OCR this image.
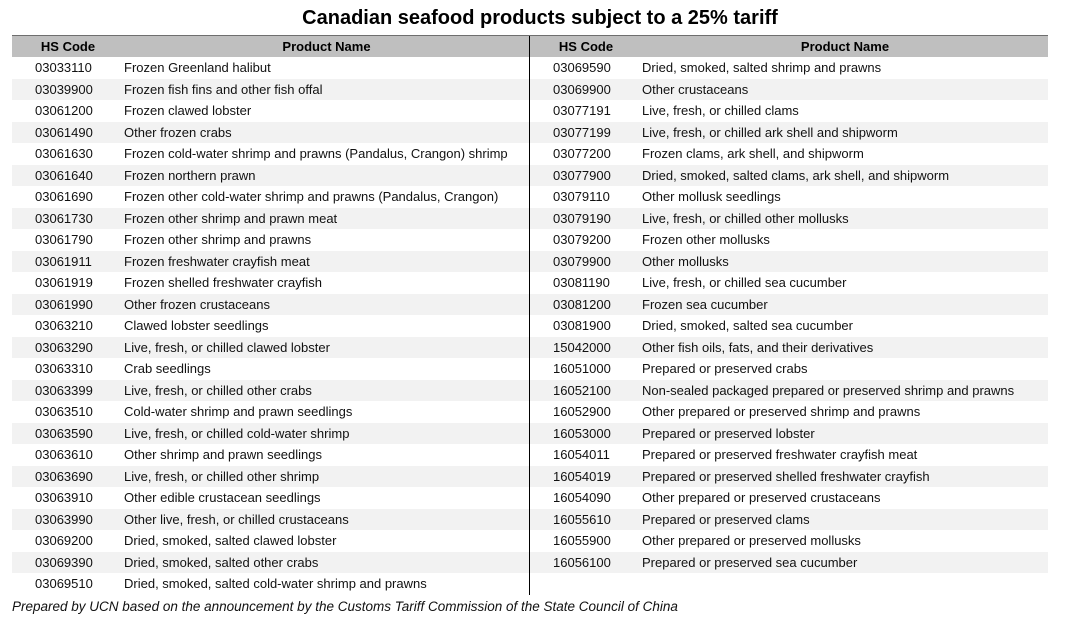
Canadian seafood products subject to a 25% tariff
HS Code	Product Name
03033110	Frozen Greenland halibut
03039900	Frozen fish fins and other fish offal
03061200	Frozen clawed lobster
03061490	Other frozen crabs
03061630	Frozen cold-water shrimp and prawns (Pandalus, Crangon) shrimp
03061640	Frozen northern prawn
03061690	Frozen other cold-water shrimp and prawns (Pandalus, Crangon)
03061730	Frozen other shrimp and prawn meat
03061790	Frozen other shrimp and prawns
03061911	Frozen freshwater crayfish meat
03061919	Frozen shelled freshwater crayfish
03061990	Other frozen crustaceans
03063210	Clawed lobster seedlings
03063290	Live, fresh, or chilled clawed lobster
03063310	Crab seedlings
03063399	Live, fresh, or chilled other crabs
03063510	Cold-water shrimp and prawn seedlings
03063590	Live, fresh, or chilled cold-water shrimp
03063610	Other shrimp and prawn seedlings
03063690	Live, fresh, or chilled other shrimp
03063910	Other edible crustacean seedlings
03063990	Other live, fresh, or chilled crustaceans
03069200	Dried, smoked, salted clawed lobster
03069390	Dried, smoked, salted other crabs
03069510	Dried, smoked, salted cold-water shrimp and prawns
HS Code	Product Name
03069590	Dried, smoked, salted shrimp and prawns
03069900	Other crustaceans
03077191	Live, fresh, or chilled clams
03077199	Live, fresh, or chilled ark shell and shipworm
03077200	Frozen clams, ark shell, and shipworm
03077900	Dried, smoked, salted clams, ark shell, and shipworm
03079110	Other mollusk seedlings
03079190	Live, fresh, or chilled other mollusks
03079200	Frozen other mollusks
03079900	Other mollusks
03081190	Live, fresh, or chilled sea cucumber
03081200	Frozen sea cucumber
03081900	Dried, smoked, salted sea cucumber
15042000	Other fish oils, fats, and their derivatives
16051000	Prepared or preserved crabs
16052100	Non-sealed packaged prepared or preserved shrimp and prawns
16052900	Other prepared or preserved shrimp and prawns
16053000	Prepared or preserved lobster
16054011	Prepared or preserved freshwater crayfish meat
16054019	Prepared or preserved shelled freshwater crayfish
16054090	Other prepared or preserved crustaceans
16055610	Prepared or preserved clams
16055900	Other prepared or preserved mollusks
16056100	Prepared or preserved sea cucumber
Prepared by UCN based on the announcement by the Customs Tariff Commission of the State Council of China
